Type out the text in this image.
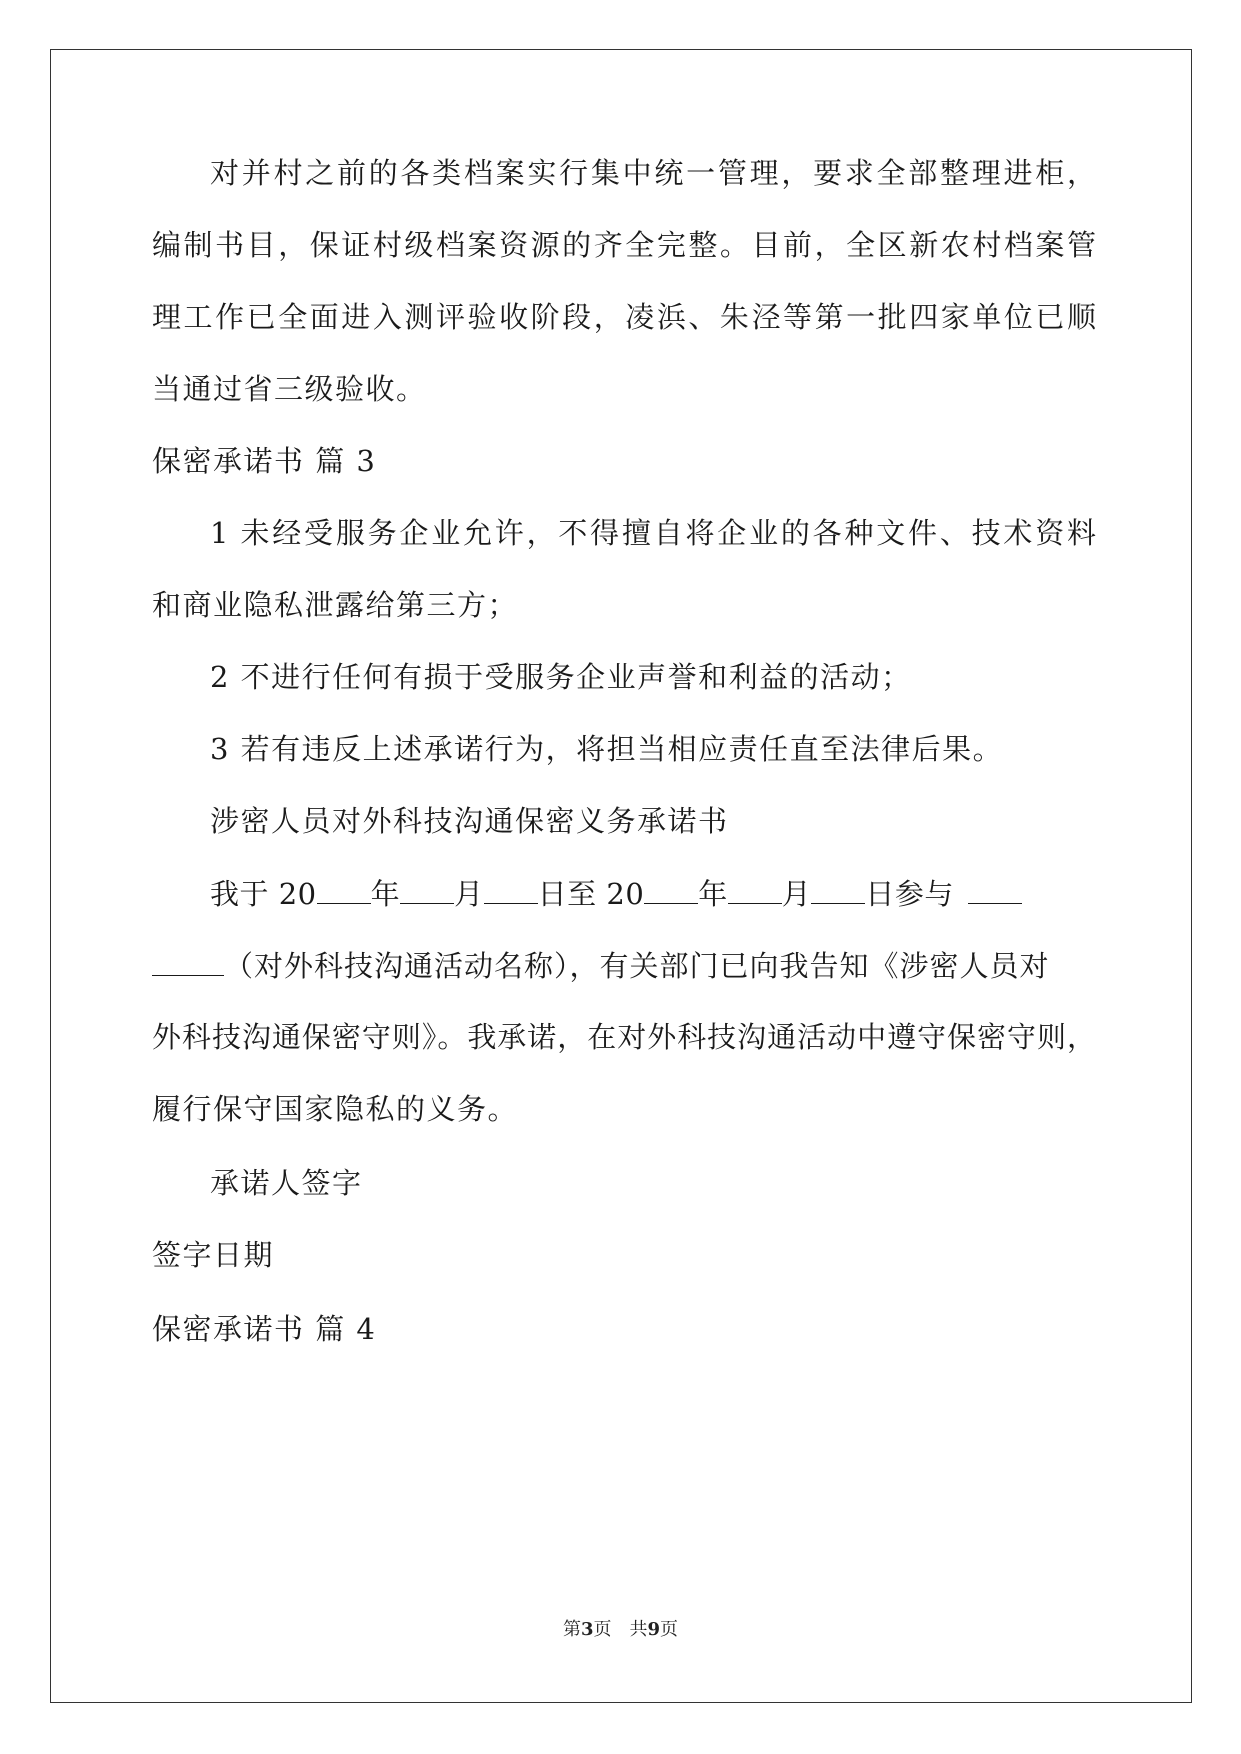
对并村之前的各类档案实行集中统一管理，要求全部整理进柜，
编制书目，保证村级档案资源的齐全完整。目前，全区新农村档案管
理工作已全面进入测评验收阶段，凌浜、朱泾等第一批四家单位已顺
当通过省三级验收。
保密承诺书 篇 3
1 未经受服务企业允许，不得擅自将企业的各种文件、技术资料
和商业隐私泄露给第三方；
2 不进行任何有损于受服务企业声誉和利益的活动；
3 若有违反上述承诺行为，将担当相应责任直至法律后果。
涉密人员对外科技沟通保密义务承诺书
我于 20 年 月 日至 20 年 月 日参与
（对外科技沟通活动名称），有关部门已向我告知《涉密人员对
外科技沟通保密守则》。我承诺，在对外科技沟通活动中遵守保密守则，
履行保守国家隐私的义务。
承诺人签字
签字日期
保密承诺书 篇 4
第3页　共9页
